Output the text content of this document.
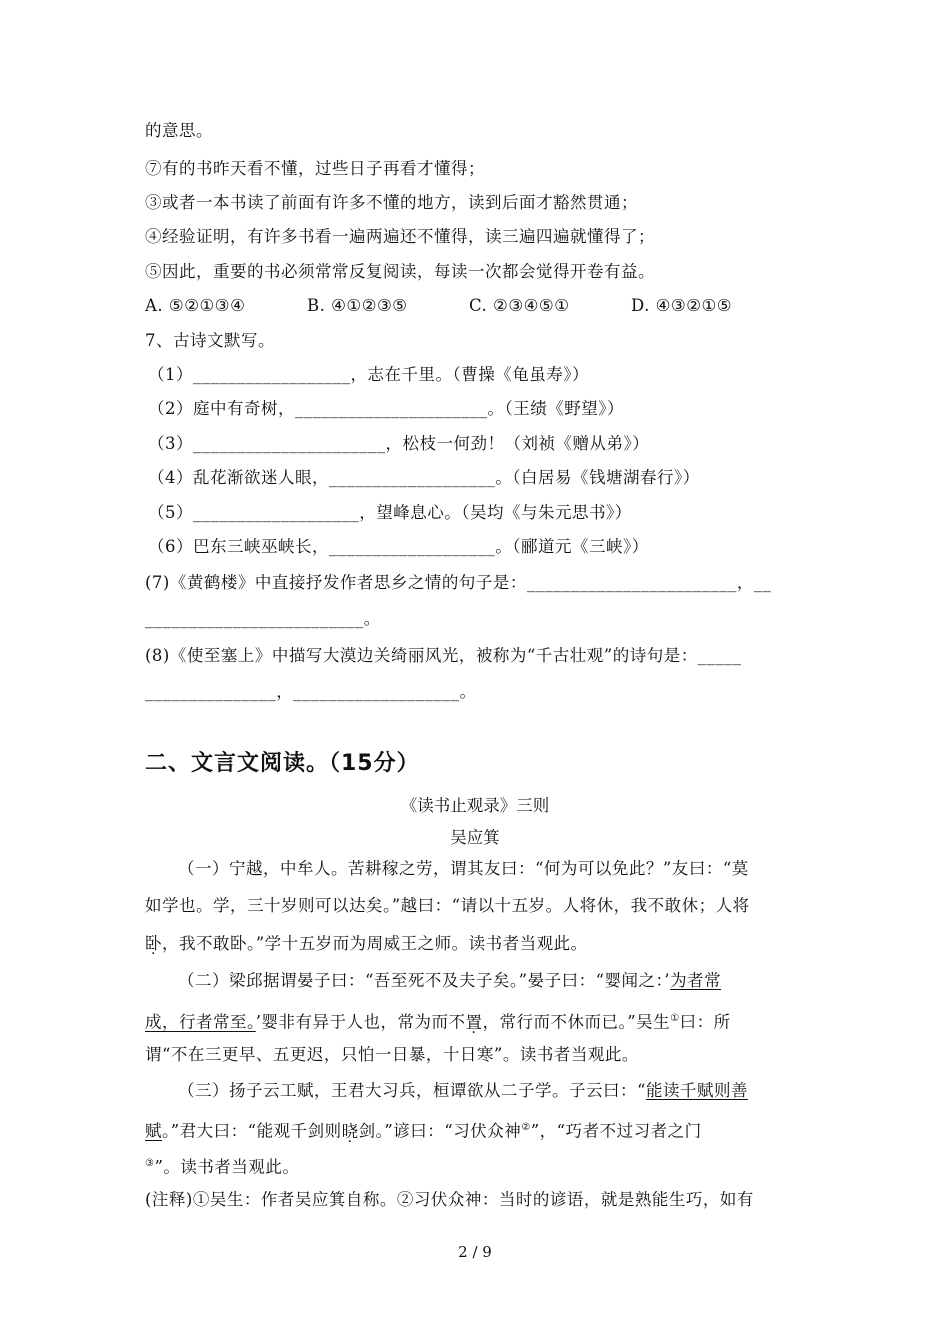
的意思。
⑦有的书昨天看不懂，过些日子再看才懂得；
③或者一本书读了前面有许多不懂的地方，读到后面才豁然贯通；
④经验证明，有许多书看一遍两遍还不懂得，读三遍四遍就懂得了；
⑤因此，重要的书必须常常反复阅读，每读一次都会觉得开卷有益。
A. ⑤②①③④	B. ④①②③⑤	C. ②③④⑤①	D. ④③②①⑤
7、古诗文默写。
（1）__________________，志在千里。（曹操《龟虽寿》）
（2）庭中有奇树，______________________。（王绩《野望》）
（3）______________________，松枝一何劲！（刘祯《赠从弟》）
（4）乱花渐欲迷人眼，___________________。（白居易《钱塘湖春行》）
（5）___________________，望峰息心。（吴均《与朱元思书》）
（6）巴东三峡巫峡长，___________________。（郦道元《三峡》）
(7)《黄鹤楼》中直接抒发作者思乡之情的句子是：________________________，__
_________________________。
(8)《使至塞上》中描写大漠边关绮丽风光，被称为“千古壮观”的诗句是：_____
_______________，___________________。
二、文言文阅读。（15分）
《读书止观录》三则
吴应箕
（一）宁越，中牟人。苦耕稼之劳，谓其友曰：“何为可以免此？”友曰：“莫
如学也。学，三十岁则可以达矣。”越曰：“请以十五岁。人将休，我不敢休；人将
卧，我不敢卧。”学十五岁而为周威王之师。读书者当观此。
（二）梁邱据谓晏子曰：“吾至死不及夫子矣。”晏子曰：“婴闻之：’为者常
成，行者常至。’婴非有异于人也，常为而不置，常行而不休而已。”吴生①曰：所
谓“不在三更早、五更迟，只怕一日暴，十日寒”。读书者当观此。
（三）扬子云工赋，王君大习兵，桓谭欲从二子学。子云曰：“能读千赋则善
赋。”君大曰：“能观千剑则晓剑。”谚曰：“习伏众神②”，“巧者不过习者之门
③”。读书者当观此。
(注释)①吴生：作者吴应箕自称。②习伏众神：当时的谚语，就是熟能生巧，如有
2 / 9
